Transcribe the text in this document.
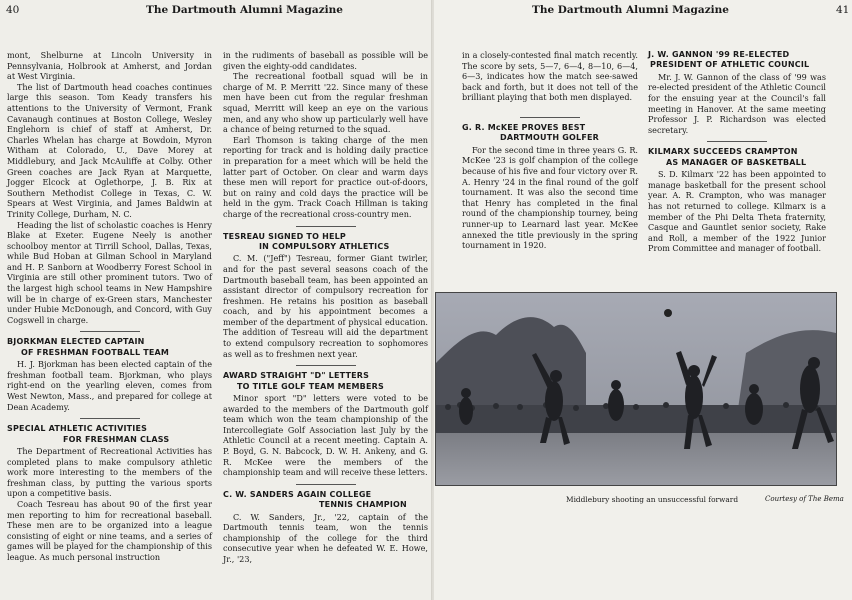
40	The Dartmouth Alumni Magazine

mont, Shelburne at Lincoln University in Pennsylvania, Holbrook at Amherst, and Jordan at West Virginia.

The list of Dartmouth head coaches continues large this season. Tom Keady transfers his attentions to the University of Vermont, Frank Cavanaugh continues at Boston College, Wesley Englehorn is chief of staff at Amherst, Dr. Charles Whelan has charge at Bowdoin, Myron Witham at Colorado, U., Dave Morey at Middlebury, and Jack McAuliffe at Colby. Other Green coaches are Jack Ryan at Marquette, Jogger Elcock at Oglethorpe, J. B. Rix at Southern Methodist College in Texas, C. W. Spears at West Virginia, and James Baldwin at Trinity College, Durham, N. C.

Heading the list of scholastic coaches is Henry Blake at Exeter. Eugene Neely is another schoolboy mentor at Tirrill School, Dallas, Texas, while Bud Hoban at Gilman School in Maryland and H. P. Sanborn at Woodberry Forest School in Virginia are still other prominent tutors. Two of the largest high school teams in New Hampshire will be in charge of ex-Green stars, Manchester under Hubie McDonough, and Concord, with Guy Cogswell in charge.

BJORKMAN ELECTED CAPTAIN
OF FRESHMAN FOOTBALL TEAM

H. J. Bjorkman has been elected captain of the freshman football team. Bjorkman, who plays right-end on the yearling eleven, comes from West Newton, Mass., and prepared for college at Dean Academy.

SPECIAL ATHLETIC ACTIVITIES
FOR FRESHMAN CLASS

The Department of Recreational Activities has completed plans to make compulsory athletic work more interesting to the members of the freshman class, by putting the various sports upon a competitive basis.

Coach Tesreau has about 90 of the first year men reporting to him for recreational baseball. These men are to be organized into a league consisting of eight or nine teams, and a series of games will be played for the championship of this league. As much personal instruction

in the rudiments of baseball as possible will be given the eighty-odd candidates.

The recreational football squad will be in charge of M. P. Merritt '22. Since many of these men have been cut from the regular freshman squad, Merritt will keep an eye on the various men, and any who show up particularly well have a chance of being returned to the squad.

Earl Thomson is taking charge of the men reporting for track and is holding daily practice in preparation for a meet which will be held the latter part of October. On clear and warm days these men will report for practice out-of-doors, but on rainy and cold days the practice will be held in the gym. Track Coach Hillman is taking charge of the recreational cross-country men.

TESREAU SIGNED TO HELP
IN COMPULSORY ATHLETICS

C. M. ("Jeff") Tesreau, former Giant twirler, and for the past several seasons coach of the Dartmouth baseball team, has been appointed an assistant director of compulsory recreation for freshmen. He retains his position as baseball coach, and by his appointment becomes a member of the department of physical education. The addition of Tesreau will aid the department to extend compulsory recreation to sophomores as well as to freshmen next year.

AWARD STRAIGHT "D" LETTERS
TO TITLE GOLF TEAM MEMBERS

Minor sport "D" letters were voted to be awarded to the members of the Dartmouth golf team which won the team championship of the Intercollegiate Golf Association last July by the Athletic Council at a recent meeting. Captain A. P. Boyd, G. N. Babcock, D. W. H. Ankeny, and G. R. McKee were the members of the championship team and will receive these letters.

C. W. SANDERS AGAIN COLLEGE
TENNIS CHAMPION

C. W. Sanders, Jr., '22, captain of the Dartmouth tennis team, won the tennis championship of the college for the third consecutive year when he defeated W. E. Howe, Jr., '23,

The Dartmouth Alumni Magazine	41

in a closely-contested final match recently. The score by sets, 5—7, 6—4, 8—10, 6—4, 6—3, indicates how the match see-sawed back and forth, but it does not tell of the brilliant playing that both men displayed.

G. R. McKEE PROVES BEST
DARTMOUTH GOLFER

For the second time in three years G. R. McKee '23 is golf champion of the college because of his five and four victory over R. A. Henry '24 in the final round of the golf tournament. It was also the second time that Henry has completed in the final round of the championship tourney, being runner-up to Learnard last year. McKee annexed the title previously in the spring tournament in 1920.

J. W. GANNON '99 RE-ELECTED
PRESIDENT OF ATHLETIC COUNCIL

Mr. J. W. Gannon of the class of '99 was re-elected president of the Athletic Council for the ensuing year at the Council's fall meeting in Hanover. At the same meeting Professor J. P. Richardson was elected secretary.

KILMARX SUCCEEDS CRAMPTON
AS MANAGER OF BASKETBALL

S. D. Kilmarx '22 has been appointed to manage basketball for the present school year. A. R. Crampton, who was manager has not returned to college. Kilmarx is a member of the Phi Delta Theta fraternity, Casque and Gauntlet senior society, Rake and Roll, a member of the 1922 Junior Prom Committee and manager of football.

Middlebury shooting an unsuccessful forward	Courtesy of The Bema
